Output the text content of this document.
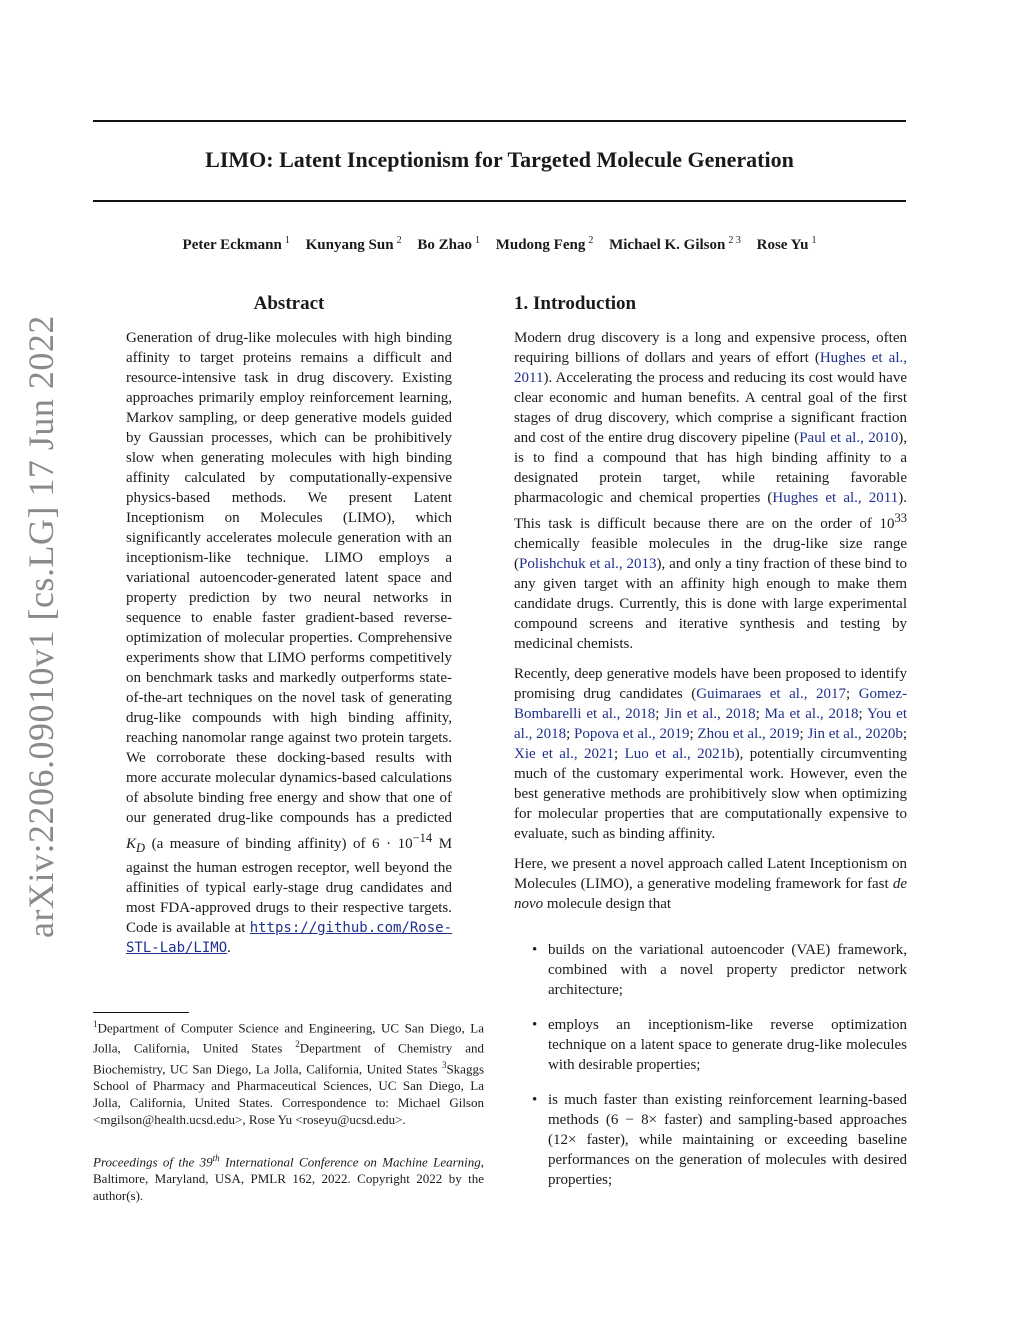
LIMO: Latent Inceptionism for Targeted Molecule Generation
Peter Eckmann  $^1$ Kunyang Sun  $^2$ Bo Zhao  $^1$ Mudong Feng  $^2$ Michael K. Gilson  $^{2 3}$ Rose Yu  $^1$
arXiv:2206.09010v1 [cs.LG] 17 Jun 2022
Abstract

Generation of drug-like molecules with high binding affinity to target proteins remains a difficult and resource-intensive task in drug discovery. Existing approaches primarily employ reinforcement learning, Markov sampling, or deep generative models guided by Gaussian processes, which can be prohibitively slow when generating molecules with high binding affinity calculated by computationally-expensive physics-based methods. We present Latent Inceptionism on Molecules (LIMO), which significantly accelerates molecule generation with an inceptionism-like technique. LIMO employs a variational autoencoder-generated latent space and property prediction by two neural networks in sequence to enable faster gradient-based reverse-optimization of molecular properties. Comprehensive experiments show that LIMO performs competitively on benchmark tasks and markedly outperforms state-of-the-art techniques on the novel task of generating drug-like compounds with high binding affinity, reaching nanomolar range against two protein targets. We corroborate these docking-based results with more accurate molecular dynamics-based calculations of absolute binding free energy and show that one of our generated drug-like compounds has a predicted $K_D$ (a measure of binding affinity) of $6 \cdot 10^{-14}$ M against the human estrogen receptor, well beyond the affinities of typical early-stage drug candidates and most FDA-approved drugs to their respective targets. Code is available at https://github.com/Rose-STL-Lab/LIMO.

$^1$Department of Computer Science and Engineering, UC San Diego, La Jolla, California, United States $^2$Department of Chemistry and Biochemistry, UC San Diego, La Jolla, California, United States $^3$Skaggs School of Pharmacy and Pharmaceutical Sciences, UC San Diego, La Jolla, California, United States. Correspondence to: Michael Gilson <mgilson@health.ucsd.edu>, Rose Yu <roseyu@ucsd.edu>.

Proceedings of the 39th International Conference on Machine Learning, Baltimore, Maryland, USA, PMLR 162, 2022. Copyright 2022 by the author(s).

1. Introduction

Modern drug discovery is a long and expensive process, often requiring billions of dollars and years of effort (Hughes et al., 2011). Accelerating the process and reducing its cost would have clear economic and human benefits. A central goal of the first stages of drug discovery, which comprise a significant fraction and cost of the entire drug discovery pipeline (Paul et al., 2010), is to find a compound that has high binding affinity to a designated protein target, while retaining favorable pharmacologic and chemical properties (Hughes et al., 2011). This task is difficult because there are on the order of $10^{33}$ chemically feasible molecules in the drug-like size range (Polishchuk et al., 2013), and only a tiny fraction of these bind to any given target with an affinity high enough to make them candidate drugs. Currently, this is done with large experimental compound screens and iterative synthesis and testing by medicinal chemists.

Recently, deep generative models have been proposed to identify promising drug candidates (Guimaraes et al., 2017; Gomez-Bombarelli et al., 2018; Jin et al., 2018; Ma et al., 2018; You et al., 2018; Popova et al., 2019; Zhou et al., 2019; Jin et al., 2020b; Xie et al., 2021; Luo et al., 2021b), potentially circumventing much of the customary experimental work. However, even the best generative methods are prohibitively slow when optimizing for molecular properties that are computationally expensive to evaluate, such as binding affinity.

Here, we present a novel approach called Latent Inceptionism on Molecules (LIMO), a generative modeling framework for fast de novo molecule design that

• builds on the variational autoencoder (VAE) framework, combined with a novel property predictor network architecture;
• employs an inceptionism-like reverse optimization technique on a latent space to generate drug-like molecules with desirable properties;
• is much faster than existing reinforcement learning-based methods (6 − 8× faster) and sampling-based approaches (12× faster), while maintaining or exceeding baseline performances on the generation of molecules with desired properties;
